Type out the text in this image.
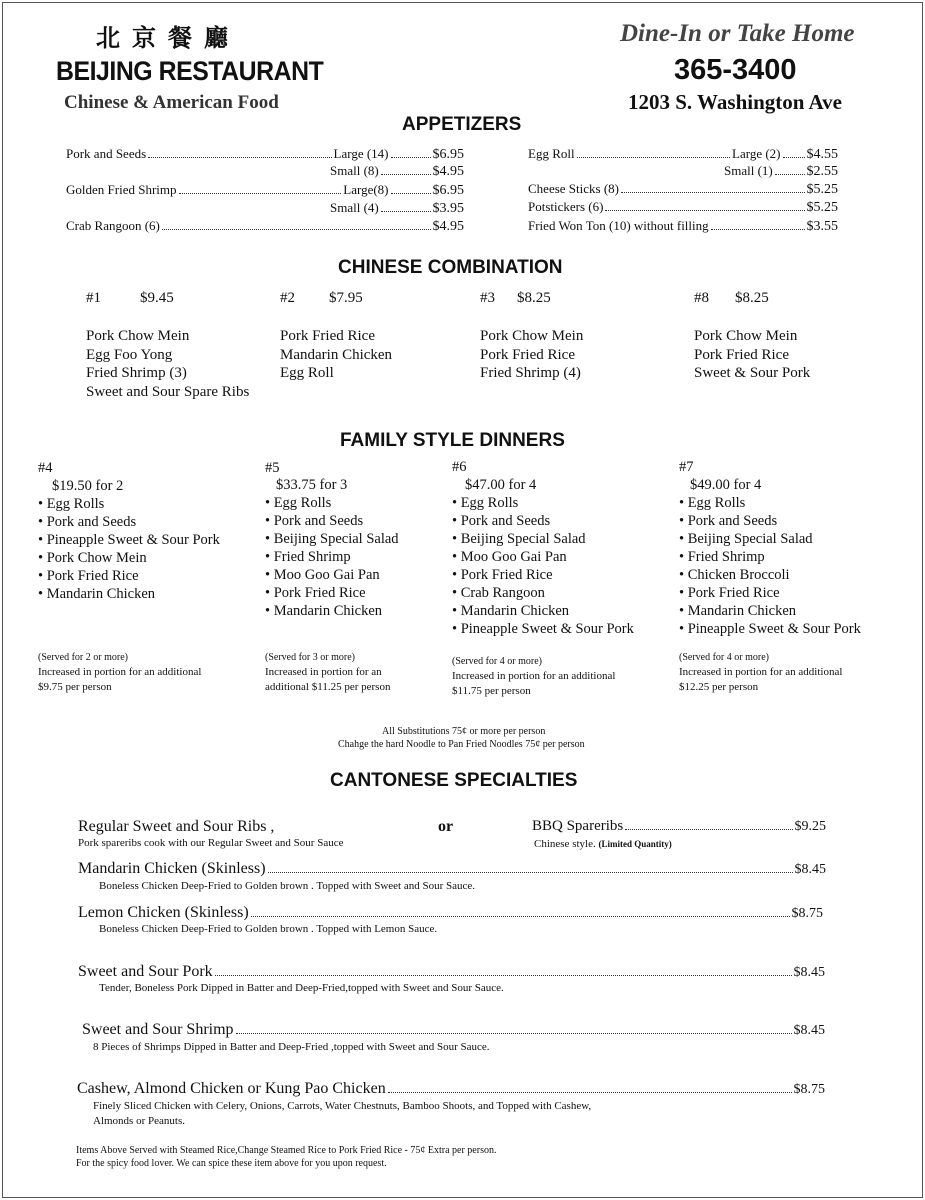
北京餐廳
BEIJING RESTAURANT
Chinese & American Food
Dine-In or Take Home
365-3400
1203 S. Washington Ave
APPETIZERS
Pork and Seeds	Large (14)	$6.95
Small (8)	$4.95
Golden Fried Shrimp	Large(8)	$6.95
Small (4)	$3.95
Crab Rangoon (6)	$4.95
Egg Roll	Large (2) $4.55
Small (1) $2.55
Cheese Sticks (8)	$5.25
Potstickers (6)	$5.25
Fried Won Ton (10) without filling	$3.55
CHINESE COMBINATION
#1	$9.45
Pork Chow Mein
Egg Foo Yong
Fried Shrimp (3)
Sweet and Sour Spare Ribs
#2 $7.95
Pork Fried Rice
Mandarin Chicken
Egg Roll
#3 $8.25
Pork Chow Mein
Pork Fried Rice
Fried Shrimp (4)
#8 $8.25
Pork Chow Mein
Pork Fried Rice
Sweet & Sour Pork
FAMILY STYLE DINNERS
#4
$19.50 for 2
• Egg Rolls
• Pork and Seeds
• Pineapple Sweet & Sour Pork
• Pork Chow Mein
• Pork Fried Rice
• Mandarin Chicken
(Served for 2 or more)
Increased in portion for an additional
$9.75 per person
#5
$33.75 for 3
• Egg Rolls
• Pork and Seeds
• Beijing Special Salad
• Fried Shrimp
• Moo Goo Gai Pan
• Pork Fried Rice
• Mandarin Chicken
(Served for 3 or more)
Increased in portion for an
additional $11.25 per person
#6
$47.00 for 4
• Egg Rolls
• Pork and Seeds
• Beijing Special Salad
• Moo Goo Gai Pan
• Pork Fried Rice
• Crab Rangoon
• Mandarin Chicken
• Pineapple Sweet & Sour Pork
(Served for 4 or more)
Increased in portion for an additional
$11.75 per person
#7
$49.00 for 4
• Egg Rolls
• Pork and Seeds
• Beijing Special Salad
• Fried Shrimp
• Chicken Broccoli
• Pork Fried Rice
• Mandarin Chicken
• Pineapple Sweet & Sour Pork
(Served for 4 or more)
Increased in portion for an additional
$12.25 per person
All Substitutions 75¢ or more per person
Chahge the hard Noodle to Pan Fried Noodles 75¢ per person
CANTONESE SPECIALTIES
Regular Sweet and Sour Ribs ,
Pork spareribs cook with our Regular Sweet and Sour Sauce
or	BBQ Spareribs	$9.25
Chinese style. (Limited Quantity)
Mandarin Chicken (Skinless)	$8.45
Boneless Chicken Deep-Fried to Golden brown . Topped with Sweet and Sour Sauce.
Lemon Chicken (Skinless)	$8.75
Boneless Chicken Deep-Fried to Golden brown . Topped with Lemon Sauce.
Sweet and Sour Pork	$8.45
Tender, Boneless Pork Dipped in Batter and Deep-Fried,topped with Sweet and Sour Sauce.
Sweet and Sour Shrimp	$8.45
8 Pieces of Shrimps Dipped in Batter and Deep-Fried ,topped with Sweet and Sour Sauce.
Cashew, Almond Chicken or Kung Pao Chicken	$8.75
Finely Sliced Chicken with Celery, Onions, Carrots, Water Chestnuts, Bamboo Shoots, and Topped with Cashew,
Almonds or Peanuts.
Items Above Served with Steamed Rice,Change Steamed Rice to Pork Fried Rice - 75¢ Extra per person.
For the spicy food lover. We can spice these item above for you upon request.
